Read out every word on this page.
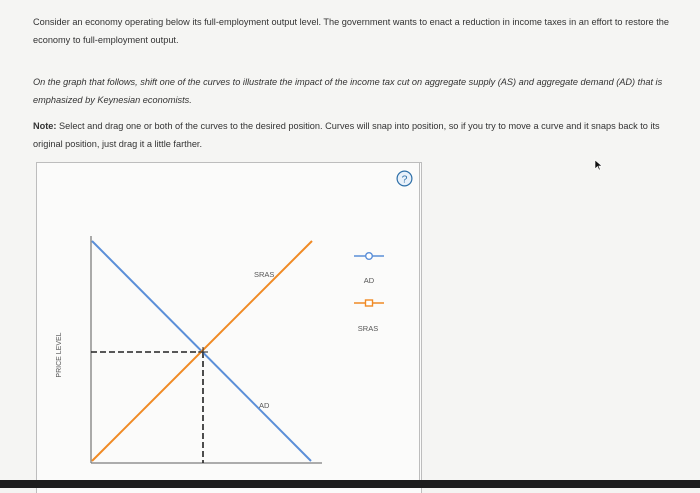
Consider an economy operating below its full-employment output level. The government wants to enact a reduction in income taxes in an effort to restore the economy to full-employment output.
On the graph that follows, shift one of the curves to illustrate the impact of the income tax cut on aggregate supply (AS) and aggregate demand (AD) that is emphasized by Keynesian economists.
Note: Select and drag one or both of the curves to the desired position. Curves will snap into position, so if you try to move a curve and it snaps back to its original position, just drag it a little farther.
?
PRICE LEVEL
SRAS
AD
AD
SRAS
